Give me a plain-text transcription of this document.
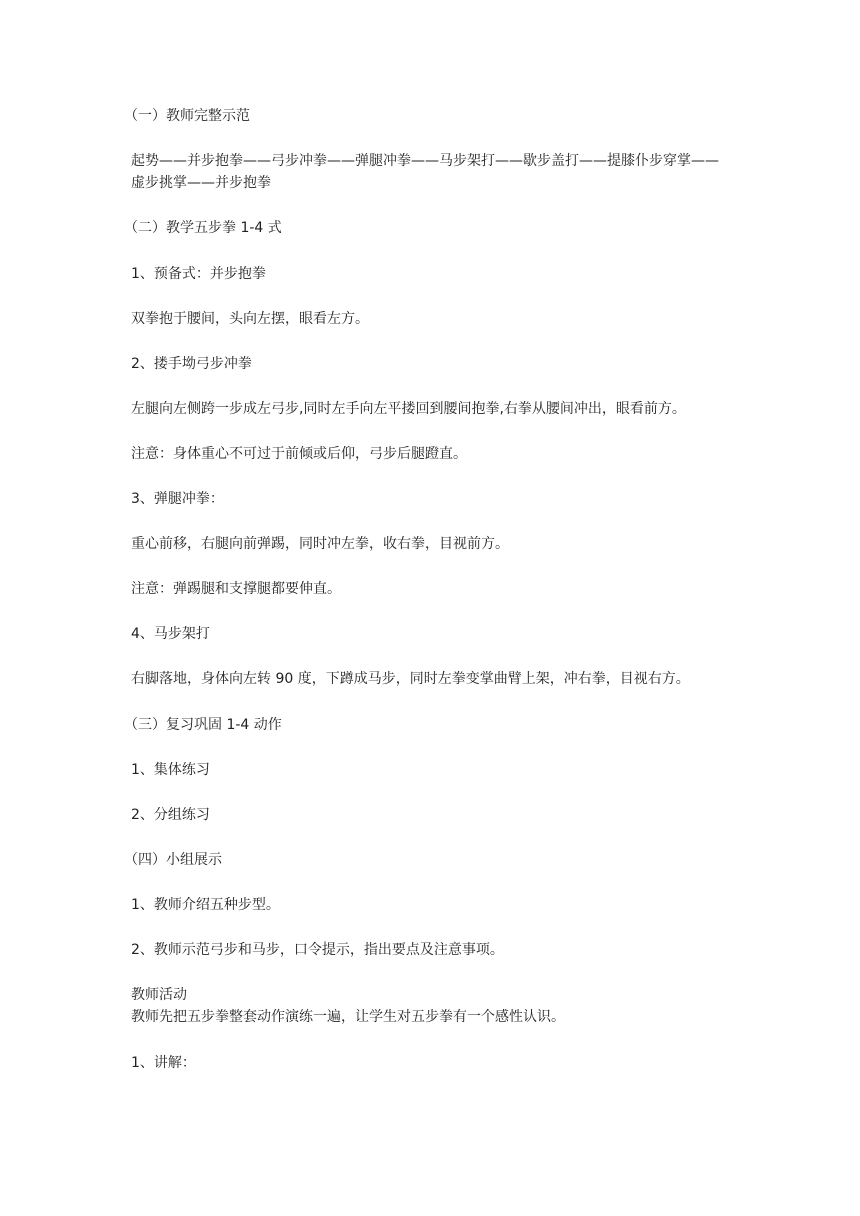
（一）教师完整示范
起势——并步抱拳——弓步冲拳——弹腿冲拳——马步架打——歇步盖打——提膝仆步穿掌——虚步挑掌——并步抱拳
（二）教学五步拳 1-4 式
1、预备式：并步抱拳
双拳抱于腰间，头向左摆，眼看左方。
2、搂手坳弓步冲拳
左腿向左侧跨一步成左弓步,同时左手向左平搂回到腰间抱拳,右拳从腰间冲出，眼看前方。
注意：身体重心不可过于前倾或后仰，弓步后腿蹬直。
3、弹腿冲拳：
重心前移，右腿向前弹踢，同时冲左拳，收右拳，目视前方。
注意：弹踢腿和支撑腿都要伸直。
4、马步架打
右脚落地，身体向左转 90 度，下蹲成马步，同时左拳变掌曲臂上架，冲右拳，目视右方。
（三）复习巩固 1-4 动作
1、集体练习
2、分组练习
（四）小组展示
1、教师介绍五种步型。
2、教师示范弓步和马步，口令提示，指出要点及注意事项。
教师活动
教师先把五步拳整套动作演练一遍，让学生对五步拳有一个感性认识。
1、讲解：
